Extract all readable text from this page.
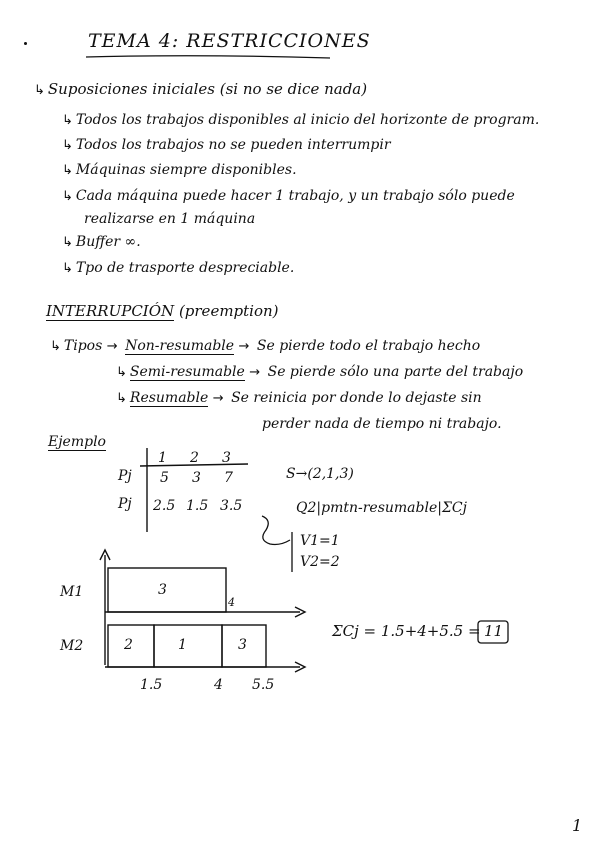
TEMA 4: RESTRICCIONES
↳ Suposiciones iniciales (si no se dice nada)
↳ Todos los trabajos disponibles al inicio del horizonte de program.
↳ Todos los trabajos no se pueden interrumpir
↳ Máquinas siempre disponibles.
↳ Cada máquina puede hacer 1 trabajo, y un trabajo sólo puede
realizarse en 1 máquina
↳ Buffer ∞.
↳ Tpo de trasporte despreciable.
INTERRUPCIÓN (preemption)
↳ Tipos → Non-resumable → Se pierde todo el trabajo hecho
↳ Semi-resumable → Se pierde sólo una parte del trabajo
↳ Resumable → Se reinicia por donde lo dejaste sin
perder nada de tiempo ni trabajo.
Ejemplo
1 2 3
Pj 5 3 7
Pj 2.5 1.5 3.5
S→(2,1,3)
Q2|pmtn-resumable|ΣCj
V1=1
V2=2
M1
M2
3
4
2	1	3
1.5	4 5.5
ΣCj = 1.5+4+5.5 = 11
1
